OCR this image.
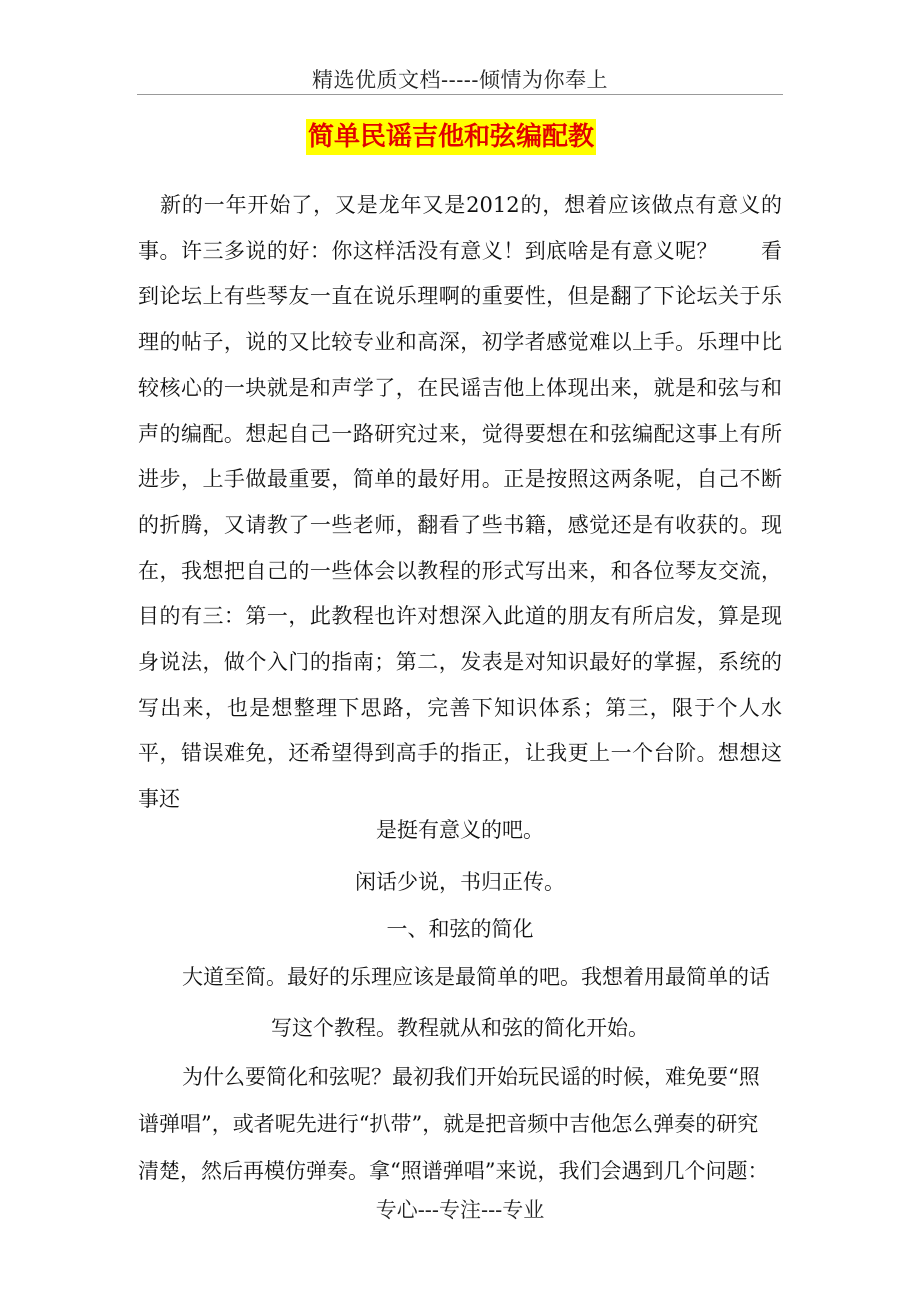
精选优质文档-----倾情为你奉上
简单民谣吉他和弦编配教
新的一年开始了，又是龙年又是2012的，想着应该做点有意义的事。许三多说的好：你这样活没有意义！到底啥是有意义呢？　　看到论坛上有些琴友一直在说乐理啊的重要性，但是翻了下论坛关于乐理的帖子，说的又比较专业和高深，初学者感觉难以上手。乐理中比较核心的一块就是和声学了，在民谣吉他上体现出来，就是和弦与和声的编配。想起自己一路研究过来，觉得要想在和弦编配这事上有所进步，上手做最重要，简单的最好用。正是按照这两条呢，自己不断的折腾，又请教了一些老师，翻看了些书籍，感觉还是有收获的。现在，我想把自己的一些体会以教程的形式写出来，和各位琴友交流，目的有三：第一，此教程也许对想深入此道的朋友有所启发，算是现身说法，做个入门的指南；第二，发表是对知识最好的掌握，系统的写出来，也是想整理下思路，完善下知识体系；第三，限于个人水平，错误难免，还希望得到高手的指正，让我更上一个台阶。想想这事还
是挺有意义的吧。
闲话少说，书归正传。
一、和弦的简化
大道至简。最好的乐理应该是最简单的吧。我想着用最简单的话
写这个教程。教程就从和弦的简化开始。
为什么要简化和弦呢？最初我们开始玩民谣的时候，难免要“照
谱弹唱”，或者呢先进行“扒带”，就是把音频中吉他怎么弹奏的研究
清楚，然后再模仿弹奏。拿“照谱弹唱”来说，我们会遇到几个问题：
专心---专注---专业
